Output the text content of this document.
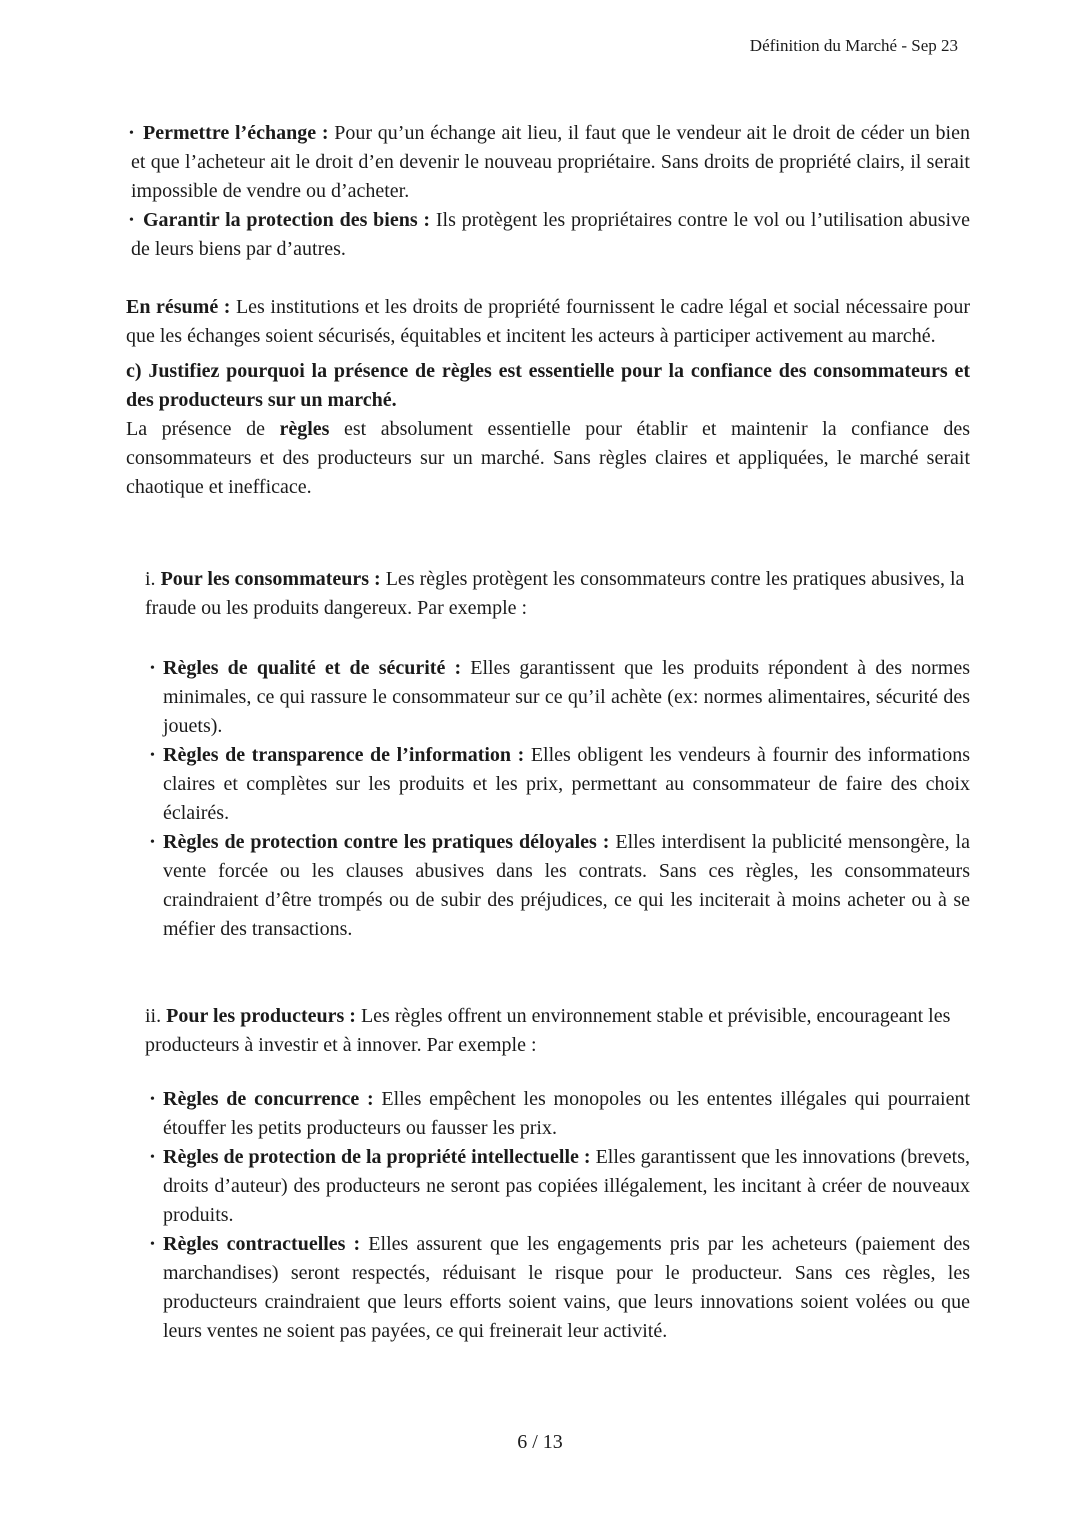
Définition du Marché - Sep 23
• Permettre l’échange : Pour qu’un échange ait lieu, il faut que le vendeur ait le droit de céder un bien et que l’acheteur ait le droit d’en devenir le nouveau propriétaire. Sans droits de propriété clairs, il serait impossible de vendre ou d’acheter.
• Garantir la protection des biens : Ils protègent les propriétaires contre le vol ou l’utilisation abusive de leurs biens par d’autres.
En résumé : Les institutions et les droits de propriété fournissent le cadre légal et social nécessaire pour que les échanges soient sécurisés, équitables et incitent les acteurs à participer activement au marché.
c) Justifiez pourquoi la présence de règles est essentielle pour la confiance des consommateurs et des producteurs sur un marché.
La présence de règles est absolument essentielle pour établir et maintenir la confiance des consommateurs et des producteurs sur un marché. Sans règles claires et appliquées, le marché serait chaotique et inefficace.
i. Pour les consommateurs : Les règles protègent les consommateurs contre les pratiques abusives, la fraude ou les produits dangereux. Par exemple :
• Règles de qualité et de sécurité : Elles garantissent que les produits répondent à des normes minimales, ce qui rassure le consommateur sur ce qu’il achète (ex: normes alimentaires, sécurité des jouets).
• Règles de transparence de l’information : Elles obligent les vendeurs à fournir des informations claires et complètes sur les produits et les prix, permettant au consommateur de faire des choix éclairés.
• Règles de protection contre les pratiques déloyales : Elles interdisent la publicité mensongère, la vente forcée ou les clauses abusives dans les contrats. Sans ces règles, les consommateurs craindraient d’être trompés ou de subir des préjudices, ce qui les inciterait à moins acheter ou à se méfier des transactions.
ii. Pour les producteurs : Les règles offrent un environnement stable et prévisible, encourageant les producteurs à investir et à innover. Par exemple :
• Règles de concurrence : Elles empêchent les monopoles ou les ententes illégales qui pourraient étouffer les petits producteurs ou fausser les prix.
• Règles de protection de la propriété intellectuelle : Elles garantissent que les innovations (brevets, droits d’auteur) des producteurs ne seront pas copiées illégalement, les incitant à créer de nouveaux produits.
• Règles contractuelles : Elles assurent que les engagements pris par les acheteurs (paiement des marchandises) seront respectés, réduisant le risque pour le producteur. Sans ces règles, les producteurs craindraient que leurs efforts soient vains, que leurs innovations soient volées ou que leurs ventes ne soient pas payées, ce qui freinerait leur activité.
6 / 13
